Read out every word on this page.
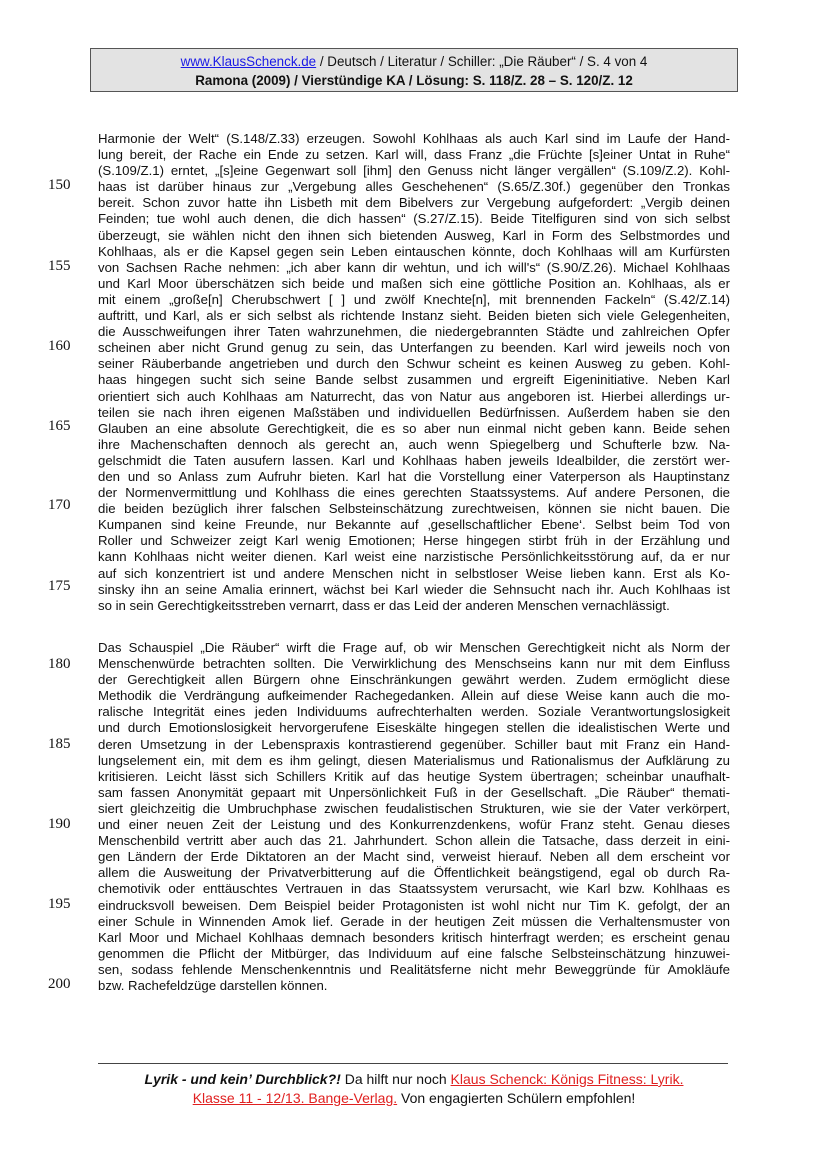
www.KlausSchenck.de / Deutsch / Literatur / Schiller: „Die Räuber“ / S. 4 von 4
Ramona (2009) / Vierstündige KA / Lösung: S. 118/Z. 28 – S. 120/Z. 12
Harmonie der Welt“ (S.148/Z.33) erzeugen. Sowohl Kohlhaas als auch Karl sind im Laufe der Hand-
lung bereit, der Rache ein Ende zu setzen. Karl will, dass Franz „die Früchte [s]einer Untat in Ruhe“
(S.109/Z.1) erntet, „[s]eine Gegenwart soll [ihm] den Genuss nicht länger vergällen“ (S.109/Z.2). Kohl-
haas ist darüber hinaus zur „Vergebung alles Geschehenen“ (S.65/Z.30f.) gegenüber den Tronkas
bereit. Schon zuvor hatte ihn Lisbeth mit dem Bibelvers zur Vergebung aufgefordert: „Vergib deinen
Feinden; tue wohl auch denen, die dich hassen“ (S.27/Z.15). Beide Titelfiguren sind von sich selbst
überzeugt, sie wählen nicht den ihnen sich bietenden Ausweg, Karl in Form des Selbstmordes und
Kohlhaas, als er die Kapsel gegen sein Leben eintauschen könnte, doch Kohlhaas will am Kurfürsten
von Sachsen Rache nehmen: „ich aber kann dir wehtun, und ich will's“ (S.90/Z.26). Michael Kohlhaas
und Karl Moor überschätzen sich beide und maßen sich eine göttliche Position an. Kohlhaas, als er
mit einem „große[n] Cherubschwert [ ] und zwölf Knechte[n], mit brennenden Fackeln“ (S.42/Z.14)
auftritt, und Karl, als er sich selbst als richtende Instanz sieht. Beiden bieten sich viele Gelegenheiten,
die Ausschweifungen ihrer Taten wahrzunehmen, die niedergebrannten Städte und zahlreichen Opfer
scheinen aber nicht Grund genug zu sein, das Unterfangen zu beenden. Karl wird jeweils noch von
seiner Räuberbande angetrieben und durch den Schwur scheint es keinen Ausweg zu geben. Kohl-
haas hingegen sucht sich seine Bande selbst zusammen und ergreift Eigeninitiative. Neben Karl
orientiert sich auch Kohlhaas am Naturrecht, das von Natur aus angeboren ist. Hierbei allerdings ur-
teilen sie nach ihren eigenen Maßstäben und individuellen Bedürfnissen. Außerdem haben sie den
Glauben an eine absolute Gerechtigkeit, die es so aber nun einmal nicht geben kann. Beide sehen
ihre Machenschaften dennoch als gerecht an, auch wenn Spiegelberg und Schufterle bzw. Na-
gelschmidt die Taten ausufern lassen. Karl und Kohlhaas haben jeweils Idealbilder, die zerstört wer-
den und so Anlass zum Aufruhr bieten. Karl hat die Vorstellung einer Vaterperson als Hauptinstanz
der Normenvermittlung und Kohlhass die eines gerechten Staatssystems. Auf andere Personen, die
die beiden bezüglich ihrer falschen Selbsteinschätzung zurechtweisen, können sie nicht bauen. Die
Kumpanen sind keine Freunde, nur Bekannte auf ‚gesellschaftlicher Ebene‘. Selbst beim Tod von
Roller und Schweizer zeigt Karl wenig Emotionen; Herse hingegen stirbt früh in der Erzählung und
kann Kohlhaas nicht weiter dienen. Karl weist eine narzistische Persönlichkeitsstörung auf, da er nur
auf sich konzentriert ist und andere Menschen nicht in selbstloser Weise lieben kann. Erst als Ko-
sinsky ihn an seine Amalia erinnert, wächst bei Karl wieder die Sehnsucht nach ihr. Auch Kohlhaas ist
so in sein Gerechtigkeitsstreben vernarrt, dass er das Leid der anderen Menschen vernachlässigt.
Das Schauspiel „Die Räuber“ wirft die Frage auf, ob wir Menschen Gerechtigkeit nicht als Norm der
Menschenwürde betrachten sollten. Die Verwirklichung des Menschseins kann nur mit dem Einfluss
der Gerechtigkeit allen Bürgern ohne Einschränkungen gewährt werden. Zudem ermöglicht diese
Methodik die Verdrängung aufkeimender Rachegedanken. Allein auf diese Weise kann auch die mo-
ralische Integrität eines jeden Individuums aufrechterhalten werden. Soziale Verantwortungslosigkeit
und durch Emotionslosigkeit hervorgerufene Eiseskälte hingegen stellen die idealistischen Werte und
deren Umsetzung in der Lebenspraxis kontrastierend gegenüber. Schiller baut mit Franz ein Hand-
lungselement ein, mit dem es ihm gelingt, diesen Materialismus und Rationalismus der Aufklärung zu
kritisieren. Leicht lässt sich Schillers Kritik auf das heutige System übertragen; scheinbar unaufhalt-
sam fassen Anonymität gepaart mit Unpersönlichkeit Fuß in der Gesellschaft. „Die Räuber“ themati-
siert gleichzeitig die Umbruchphase zwischen feudalistischen Strukturen, wie sie der Vater verkörpert,
und einer neuen Zeit der Leistung und des Konkurrenzdenkens, wofür Franz steht. Genau dieses
Menschenbild vertritt aber auch das 21. Jahrhundert. Schon allein die Tatsache, dass derzeit in eini-
gen Ländern der Erde Diktatoren an der Macht sind, verweist hierauf. Neben all dem erscheint vor
allem die Ausweitung der Privatverbitterung auf die Öffentlichkeit beängstigend, egal ob durch Ra-
chemotivik oder enttäuschtes Vertrauen in das Staatssystem verursacht, wie Karl bzw. Kohlhaas es
eindrucksvoll beweisen. Dem Beispiel beider Protagonisten ist wohl nicht nur Tim K. gefolgt, der an
einer Schule in Winnenden Amok lief. Gerade in der heutigen Zeit müssen die Verhaltensmuster von
Karl Moor und Michael Kohlhaas demnach besonders kritisch hinterfragt werden; es erscheint genau
genommen die Pflicht der Mitbürger, das Individuum auf eine falsche Selbsteinschätzung hinzuwei-
sen, sodass fehlende Menschenkenntnis und Realitätsferne nicht mehr Beweggründe für Amokläufe
bzw. Rachefeldzüge darstellen können.
150
155
160
165
170
175
180
185
190
195
200
Lyrik - und kein’ Durchblick?! Da hilft nur noch Klaus Schenck: Königs Fitness: Lyrik.
Klasse 11 - 12/13. Bange-Verlag. Von engagierten Schülern empfohlen!
